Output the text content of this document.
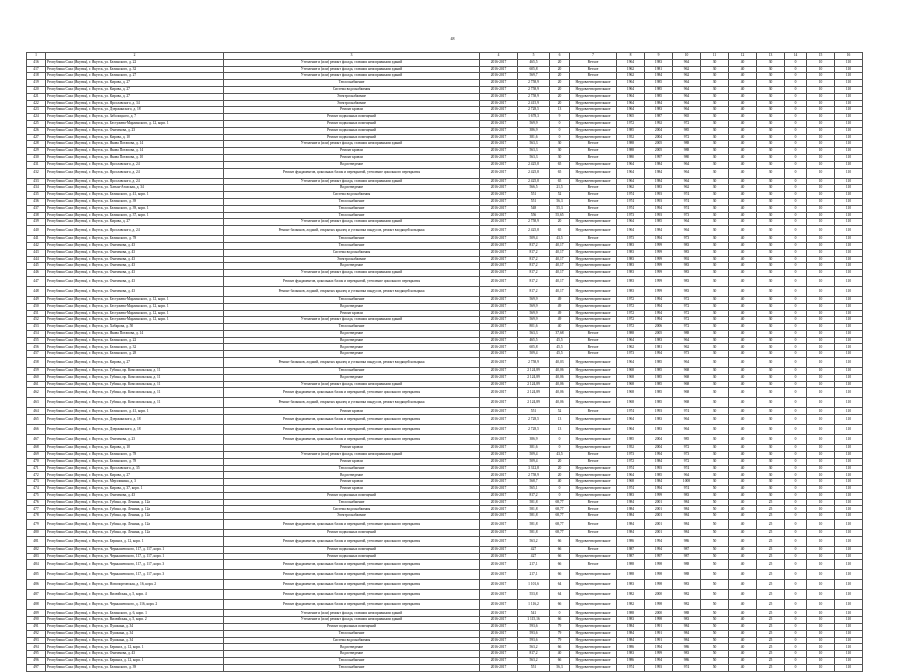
48
1	2	3	4	5	6	7	8	9	10	11	12	13	14	15	16
416	Республика Саха (Якутия), г. Якутск, ул. Белинского, д. 22	Утепление и (или) ремонт фасада, ставших неисправными зданий	2016-2017	465,5	20	Ветхое	1964	1983	964	30	40	30	0	10	110
417	Республика Саха (Якутия), г. Якутск, ул. Белинского, д. 32	Утепление и (или) ремонт фасада, ставших неисправными зданий	2016-2017	605,8	20	Ветхое	1962	1981	962	30	40	30	0	10	110
418	Республика Саха (Якутия), г. Якутск, ул. Белинского, д. 27	Утепление и (или) ремонт фасада, ставших неисправными зданий	2016-2017	569,7	20	Ветхое	1962	1984	962	30	40	30	0	10	110
419	Республика Саха (Якутия), г. Якутск, ул. Кирова, д. 27	Теплоснабжение	2016-2017	2 758,9	20	Неудовлетворительное	1964	1985	964	30	40	30	0	10	110
420	Республика Саха (Якутия), г. Якутск, ул. Кирова, д. 27	Система водоснабжения	2016-2017	2 758,9	20	Неудовлетворительное	1964	1985	964	30	40	30	0	10	110
421	Республика Саха (Якутия), г. Якутск, ул. Кирова, д. 27	Электроснабжение	2016-2017	2 758,9	20	Неудовлетворительное	1964	1985	964	30	40	30	0	10	110
422	Республика Саха (Якутия), г. Якутск, ул. Ярославского, д. 34	Электроснабжение	2016-2017	2 415,9	20	Неудовлетворительное	1964	1984	964	30	40	30	0	10	110
423	Республика Саха (Якутия), г. Якутск, ул. Дзержинского, д. 18	Ремонт кровли	2016-2017	2 728,5	13	Неудовлетворительное	1964	1983	964	30	40	30	0	10	110
424	Республика Саха (Якутия), г. Якутск, ул. Заболоцкого, д. 7	Ремонт подвальных помещений	2016-2017	1 678,3	9	Неудовлетворительное	1965	1987	965	30	40	30	0	10	110
425	Республика Саха (Якутия), г. Якутск, ул. Бестужева-Марлинского, д. 12, корп. 1	Ремонт подвальных помещений	2016-2017	569,9	0	Неудовлетворительное	1972	1992	972	30	40	30	0	10	110
426	Республика Саха (Якутия), г. Якутск, ул. Очичекова, д. 23	Ремонт подвальных помещений	2016-2017	386,9	0	Неудовлетворительное	1985	2004	985	30	40	30	0	10	110
427	Республика Саха (Якутия), г. Якутск, ул. Кирова, д. 10	Ремонт подвальных помещений	2016-2017	381,6	0	Неудовлетворительное	1952	2004	972	30	40	30	0	10	110
428	Республика Саха (Якутия), г. Якутск, ул. Якова Потапова, д. 14	Утепление и (или) ремонт фасада, ставших неисправными зданий	2016-2017	563,3	30	Ветхое	1988	2005	988	30	40	30	0	10	110
429	Республика Саха (Якутия), г. Якутск, ул. Якова Потапова, д. 14	Ремонт кровли	2016-2017	563,3	30	Ветхое	1988	2005	988	30	40	30	0	10	110
430	Республика Саха (Якутия), г. Якутск, ул. Якова Потапова, д. 10	Ремонт кровли	2016-2017	563,3	30	Ветхое	1980	1997	980	30	40	30	0	10	110
431	Республика Саха (Якутия), г. Якутск, ул. Ярославского, д. 24	Водоотведение	2016-2017	2 425,8	65	Неудовлетворительное	1964	1984	964	30	40	30	0	10	110
432	Республика Саха (Якутия), г. Якутск, ул. Ярославского, д. 24	Ремонт фундаментов, цокольных балок и перекрытий, утепление цокольного перекрытия	2016-2017	2 425,8	65	Неудовлетворительное	1964	1984	964	30	40	30	0	10	110
433	Республика Саха (Якутия), г. Якутск, ул. Ярославского, д. 24	Утепление и (или) ремонт фасада, ставших неисправными зданий	2016-2017	2 425,8	65	Неудовлетворительное	1964	1984	964	30	40	30	0	10	110
434	Республика Саха (Якутия), г. Якутск, ул. Хатын-Атахская, д. 34	Водоотведение	2016-2017	566,5	21,5	Ветхое	1962	1983	962	30	40	30	0	10	110
435	Республика Саха (Якутия), г. Якутск, ул. Белинского, д. 41, корп. 1	Система водоснабжения	2016-2017	551	52	Ветхое	1974	1993	974	30	40	30	0	10	110
436	Республика Саха (Якутия), г. Якутск, ул. Белинского, д. 39	Теплоснабжение	2016-2017	551	56,3	Ветхое	1974	1993	974	30	40	30	0	10	110
437	Республика Саха (Якутия), г. Якутск, ул. Белинского, д. 39, корп. 1	Теплоснабжение	2016-2017	548	55,3	Ветхое	1974	1994	974	30	40	30	0	10	110
438	Республика Саха (Якутия), г. Якутск, ул. Белинского, д. 37, корп. 1	Теплоснабжение	2016-2017	556	55,65	Ветхое	1973	1993	973	30	40	30	0	10	110
439	Республика Саха (Якутия), г. Якутск, ул. Кирова, д. 27	Утепление и (или) ремонт фасада, ставших неисправными зданий	2016-2017	2 758,9	20	Неудовлетворительное	1964	1985	964	30	40	30	0	10	110
440	Республика Саха (Якутия), г. Якутск, ул. Ярославского, д. 24	Ремонт балконов, лоджий, открытых крылец и установка пандусов, ремонт входящей козырька	2016-2017	2 425,8	65	Неудовлетворительное	1964	1984	964	30	40	30	0	10	110
441	Республика Саха (Якутия), г. Якутск, ул. Белинского, д. 78	Теплоснабжение	2016-2017	509,4	43,5	Ветхое	1973	1994	973	30	40	30	0	10	110
442	Республика Саха (Якутия), г. Якутск, ул. Очичекова, д. 43	Теплоснабжение	2016-2017	817,2	40,17	Неудовлетворительное	1983	1999	983	30	40	30	0	10	110
443	Республика Саха (Якутия), г. Якутск, ул. Очичекова, д. 43	Система водоснабжения	2016-2017	817,2	40,17	Неудовлетворительное	1983	1999	983	30	40	30	0	10	110
444	Республика Саха (Якутия), г. Якутск, ул. Очичекова, д. 43	Электроснабжение	2016-2017	817,2	40,17	Неудовлетворительное	1983	1999	992	30	40	30	0	10	110
445	Республика Саха (Якутия), г. Якутск, ул. Очичекова, д. 43	Водоотведение	2016-2017	817,2	40,17	Неудовлетворительное	1983	1999	983	30	40	30	0	10	110
446	Республика Саха (Якутия), г. Якутск, ул. Очичекова, д. 43	Утепление и (или) ремонт фасада, ставших неисправными зданий	2016-2017	817,2	40,17	Неудовлетворительное	1983	1999	983	30	40	30	0	10	110
447	Республика Саха (Якутия), г. Якутск, ул. Очичекова, д. 43	Ремонт фундаментов, цокольных балок и перекрытий, утепление цокольного перекрытия	2016-2017	817,2	40,17	Неудовлетворительное	1983	1999	983	30	40	30	0	10	110
448	Республика Саха (Якутия), г. Якутск, ул. Очичекова, д. 43	Ремонт балконов, лоджий, открытых крылец и установка пандусов, ремонт входящей козырька	2016-2017	817,2	40,17	Неудовлетворительное	1983	1999	983	30	40	30	0	10	110
449	Республика Саха (Якутия), г. Якутск, ул. Бестужева-Марлинского, д. 12, корп. 1	Теплоснабжение	2016-2017	569,9	49	Неудовлетворительное	1972	1994	972	30	40	30	0	10	110
450	Республика Саха (Якутия), г. Якутск, ул. Бестужева-Марлинского, д. 12, корп. 1	Водоотведение	2016-2017	569,9	49	Неудовлетворительное	1972	1994	972	30	40	30	0	10	110
451	Республика Саха (Якутия), г. Якутск, ул. Бестужева-Марлинского, д. 12, корп. 1	Ремонт кровли	2016-2017	569,9	49	Неудовлетворительное	1972	1994	972	30	40	30	0	10	110
452	Республика Саха (Якутия), г. Якутск, ул. Бестужева-Марлинского, д. 12, корп. 1	Утепление и (или) ремонт фасада, ставших неисправными зданий	2016-2017	569,9	49	Неудовлетворительное	1972	1994	972	30	40	30	0	10	110
453	Республика Саха (Якутия), г. Якутск, ул. Хабарова, д. 50	Теплоснабжение	2016-2017	801,6	40	Неудовлетворительное	1972	2006	972	30	40	30	0	10	110
454	Республика Саха (Якутия), г. Якутск, ул. Якова Потапова, д. 14	Водоотведение	2016-2017	563,3	37,68	Ветхое	1988	2005	988	30	40	30	0	10	110
455	Республика Саха (Якутия), г. Якутск, ул. Белинского, д. 22	Водоотведение	2016-2017	465,5	45,5	Ветхое	1964	1983	964	30	40	30	0	10	110
456	Республика Саха (Якутия), г. Якутск, ул. Белинского, д. 32	Водоотведение	2016-2017	605,8	45,5	Ветхое	1962	1981	962	30	40	30	0	10	110
457	Республика Саха (Якутия), г. Якутск, ул. Белинского, д. 28	Водоотведение	2016-2017	509,4	45,5	Ветхое	1973	1994	973	30	40	30	0	10	110
458	Республика Саха (Якутия), г. Якутск, ул. Кирова, д. 27	Ремонт балконов, лоджий, открытых крылец и установка пандусов, ремонт входящей козырька	2016-2017	2 758,9	40,03	Неудовлетворительное	1964	1985	964	30	40	30	0	10	110
459	Республика Саха (Якутия), г. Якутск, ул. Губина, пр. Комсомольская, д. 11	Теплоснабжение	2016-2017	2 124,89	40,06	Неудовлетворительное	1968	1985	968	30	40	30	0	10	110
460	Республика Саха (Якутия), г. Якутск, ул. Губина, пр. Комсомольская, д. 11	Водоотведение	2016-2017	2 124,89	40,06	Неудовлетворительное	1968	1985	968	30	40	30	0	10	110
461	Республика Саха (Якутия), г. Якутск, ул. Губина, пр. Комсомольская, д. 11	Утепление и (или) ремонт фасада, ставших неисправными зданий	2016-2017	2 124,89	40,06	Неудовлетворительное	1968	1985	968	30	40	30	0	10	110
462	Республика Саха (Якутия), г. Якутск, ул. Губина, пр. Комсомольская, д. 11	Ремонт фундаментов, цокольных балок и перекрытий, утепление цокольного перекрытия	2016-2017	2 124,89	40,06	Неудовлетворительное	1968	1985	968	30	40	30	0	10	110
463	Республика Саха (Якутия), г. Якутск, ул. Губина, пр. Комсомольская, д. 11	Ремонт балконов, лоджий, открытых крылец и установка пандусов, ремонт входящей козырька	2016-2017	2 124,89	40,06	Неудовлетворительное	1968	1985	968	30	40	30	0	10	110
464	Республика Саха (Якутия), г. Якутск, ул. Белинского, д. 41, корп. 1	Ремонт кровли	2016-2017	551	52	Ветхое	1974	1993	974	30	40	30	0	10	110
465	Республика Саха (Якутия), г. Якутск, ул. Дзержинского, д. 18	Ремонт фундаментов, цокольных балок и перекрытий, утепление цокольного перекрытия	2016-2017	2 728,5	13	Неудовлетворительное	1964	1983	964	30	40	30	0	10	110
466	Республика Саха (Якутия), г. Якутск, ул. Дзержинского, д. 18	Ремонт фундаментов, цокольных балок и перекрытий, утепление цокольного перекрытия	2016-2017	2 728,5	13	Неудовлетворительное	1964	1983	964	30	40	30	0	10	110
467	Республика Саха (Якутия), г. Якутск, ул. Очичекова, д. 23	Ремонт фундаментов, цокольных балок и перекрытий, утепление цокольного перекрытия	2016-2017	386,9	0	Неудовлетворительное	1985	2004	985	30	40	30	0	10	110
468	Республика Саха (Якутия), г. Якутск, ул. Кирова, д. 10	Ремонт кровли	2016-2017	381,6	0	Неудовлетворительное	1952	2004	972	30	40	30	0	10	110
469	Республика Саха (Якутия), г. Якутск, ул. Белинского, д. 78	Утепление и (или) ремонт фасада, ставших неисправными зданий	2016-2017	509,4	43,5	Ветхое	1973	1994	973	30	40	30	0	10	110
470	Республика Саха (Якутия), г. Якутск, ул. Белинского, д. 78	Ремонт кровли	2016-2017	509,4	20	Ветхое	1972	1984	972	30	40	30	0	10	110
471	Республика Саха (Якутия), г. Якутск, ул. Ярославского, д. 35	Теплоснабжение	2016-2017	3 312,8	20	Неудовлетворительное	1974	1993	974	30	40	30	0	10	110
472	Республика Саха (Якутия), г. Якутск, ул. Кирова, д. 27	Водоотведение	2016-2017	2 758,9	20	Неудовлетворительное	1964	1985	964	30	40	30	0	10	110
473	Республика Саха (Якутия), г. Якутск, ул. Мерзликина, д. 3	Ремонт кровли	2016-2017	568,7	40	Неудовлетворительное	1968	1984	1008	30	40	30	0	10	110
474	Республика Саха (Якутия), г. Якутск, ул. Кирова, д. 37, корп. 1	Ремонт кровли	2016-2017	565,1	0	Неудовлетворительное	1974	1994	974	50	40	30	0	10	110
475	Республика Саха (Якутия), г. Якутск, ул. Очичекова, д. 43	Ремонт подвальных помещений	2016-2017	817,2	0	Неудовлетворительное	1983	1999	983	30	40	30	0	10	110
476	Республика Саха (Якутия), г. Якутск, ул. Губина, пр. Ленина, д. 12а	Теплоснабжение	2016-2017	581,8	68,77	Ветхое	1984	2001	984	50	40	25	0	10	110
477	Республика Саха (Якутия), г. Якутск, ул. Губина, пр. Ленина, д. 12а	Система водоснабжения	2016-2017	581,8	68,77	Ветхое	1984	2001	984	50	40	25	0	10	110
478	Республика Саха (Якутия), г. Якутск, ул. Губина, пр. Ленина, д. 12а	Электроснабжение	2016-2017	581,8	68,77	Ветхое	1984	2001	984	50	40	25	0	10	110
479	Республика Саха (Якутия), г. Якутск, ул. Губина, пр. Ленина, д. 12а	Ремонт фундаментов, цокольных балок и перекрытий, утепление цокольного перекрытия	2016-2017	581,8	68,77	Ветхое	1984	2001	984	50	40	25	0	10	110
480	Республика Саха (Якутия), г. Якутск, ул. Губина, пр. Ленина, д. 12а	Ремонт подвальных помещений	2016-2017	581,8	68,77	Ветхое	1984	2001	984	50	40	25	0	10	110
481	Республика Саха (Якутия), г. Якутск, ул. Беринга, д. 12, корп. 1	Ремонт фундаментов, цокольных балок и перекрытий, утепление цокольного перекрытия	2016-2017	563,2	66	Неудовлетворительное	1986	1994	986	50	40	25	0	10	110
482	Республика Саха (Якутия), г. Якутск, ул. Чернышевского, 117, д. 117, корп. 1	Ремонт подвальных помещений	2016-2017	427	66	Ветхое	1987	1994	987	50	40	25	0	10	110
483	Республика Саха (Якутия), г. Якутск, ул. Чернышевского, 117, д. 117, корп. 1	Ремонт подвальных помещений	2016-2017	427	66	Неудовлетворительное	1987	1997	987	50	40	25	0	10	110
484	Республика Саха (Якутия), г. Якутск, ул. Чернышевского, 117, д. 117, корп. 3	Ремонт фундаментов, цокольных балок и перекрытий, утепление цокольного перекрытия	2016-2017	217,1	66	Ветхое	1988	1998	988	50	40	25	0	10	110
485	Республика Саха (Якутия), г. Якутск, ул. Чернышевского, 117, д. 117, корп. 3	Ремонт фундаментов, цокольных балок и перекрытий, утепление цокольного перекрытия	2016-2017	217,1	66	Неудовлетворительное	1988	1998	988	50	40	25	0	10	110
486	Республика Саха (Якутия), г. Якутск, ул. Новопортовская, д. 16, корп. 2	Ремонт фундаментов, цокольных балок и перекрытий, утепление цокольного перекрытия	2016-2017	1 101,6	64	Неудовлетворительное	1983	1998	983	50	40	25	0	10	110
487	Республика Саха (Якутия), г. Якутск, ул. Вилюйская, д. 5, корп. 4	Ремонт фундаментов, цокольных балок и перекрытий, утепление цокольного перекрытия	2016-2017	553,8	64	Неудовлетворительное	1982	2000	982	50	40	25	0	10	110
488	Республика Саха (Якутия), г. Якутск, ул. Чернышевского, д. 116, корп. 2	Ремонт фундаментов, цокольных балок и перекрытий, утепление цокольного перекрытия	2016-2017	1 116,2	66	Неудовлетворительное	1982	1998	982	50	40	25	0	10	110
489	Республика Саха (Якутия), г. Якутск, ул. Белинского, д. 6, корп. 1	Утепление и (или) ремонт фасада, ставших неисправными зданий	2016-2017	541	0	Неудовлетворительное	1988	2000	988	50	40	25	0	10	110
490	Республика Саха (Якутия), г. Якутск, ул. Вилюйская, д. 5, корп. 2	Утепление и (или) ремонт фасада, ставших неисправными зданий	2016-2017	1 115,16	66	Неудовлетворительное	1983	1998	983	50	40	25	0	10	110
491	Республика Саха (Якутия), г. Якутск, ул. Пушкина, д. 34	Ремонт подвальных помещений	2016-2017	593,6	79	Неудовлетворительное	1984	1991	984	50	40	25	0	10	110
492	Республика Саха (Якутия), г. Якутск, ул. Пушкина, д. 34	Теплоснабжение	2016-2017	593,6	79	Неудовлетворительное	1984	1991	984	50	40	25	0	10	110
493	Республика Саха (Якутия), г. Якутск, ул. Пушкина, д. 34	Система водоснабжения	2016-2017	593,6	79	Неудовлетворительное	1984	1991	984	50	40	25	0	10	110
494	Республика Саха (Якутия), г. Якутск, ул. Беринга, д. 12, корп. 1	Водоотведение	2016-2017	563,2	66	Неудовлетворительное	1986	1994	986	50	40	25	0	10	110
495	Республика Саха (Якутия), г. Якутск, ул. Очичекова, д. 43	Водоотведение	2016-2017	817,2	40	Неудовлетворительное	1983	1999	983	50	40	25	0	10	110
496	Республика Саха (Якутия), г. Якутск, ул. Беринга, д. 12, корп. 1	Теплоснабжение	2016-2017	563,2	66	Неудовлетворительное	1986	1994	986	50	40	25	0	10	110
497	Республика Саха (Якутия), г. Якутск, ул. Белинского, д. 39	Теплоснабжение	2016-2017	551	56,3	Неудовлетворительное	1974	1993	974	50	40	25	0	10	110
